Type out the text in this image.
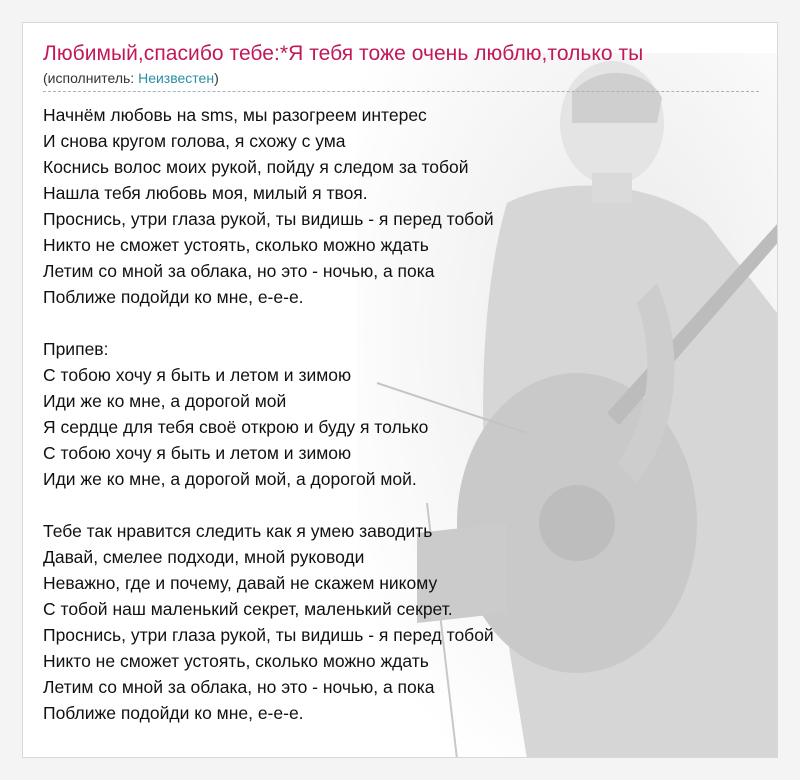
Любимый,спасибо тебе:*Я тебя тоже очень люблю,только ты
(исполнитель: Неизвестен)
Начнём любовь на sms, мы разогреем интерес
И снова кругом голова, я схожу с ума
Коснись волос моих рукой, пойду я следом за тобой
Нашла тебя любовь моя, милый я твоя.
Проснись, утри глаза рукой, ты видишь - я перед тобой
Никто не сможет устоять, сколько можно ждать
Летим со мной за облака, но это - ночью, а пока
Поближе подойди ко мне, е-е-е.
Припев:
С тобою хочу я быть и летом и зимою
Иди же ко мне, а дорогой мой
Я сердце для тебя своё открою и буду я только
С тобою хочу я быть и летом и зимою
Иди же ко мне, а дорогой мой, а дорогой мой.
Тебе так нравится следить как я умею заводить
Давай, смелее подходи, мной руководи
Неважно, где и почему, давай не скажем никому
С тобой наш маленький секрет, маленький секрет.
Проснись, утри глаза рукой, ты видишь - я перед тобой
Никто не сможет устоять, сколько можно ждать
Летим со мной за облака, но это - ночью, а пока
Поближе подойди ко мне, е-е-е.
